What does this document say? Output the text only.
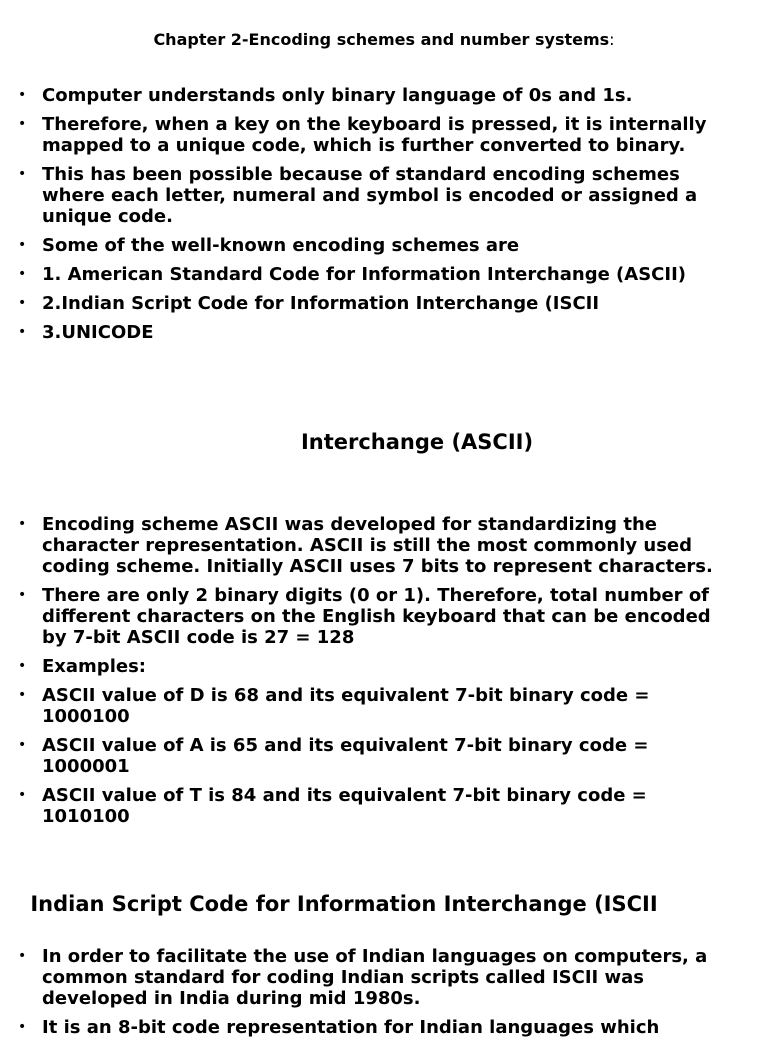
Chapter 2-Encoding schemes and number systems:
• Computer understands only binary language of 0s and 1s.
• Therefore, when a key on the keyboard is pressed, it is internally mapped to a unique code, which is further converted to binary.
• This has been possible because of standard encoding schemes where each letter, numeral and symbol is encoded or assigned a unique code.
• Some of the well-known encoding schemes are
• 1. American Standard Code for Information Interchange (ASCII)
• 2.Indian Script Code for Information Interchange (ISCII
• 3.UNICODE
Interchange (ASCII)
• Encoding scheme ASCII was developed for standardizing the character representation. ASCII is still the most commonly used coding scheme. Initially ASCII uses 7 bits to represent characters.
• There are only 2 binary digits (0 or 1). Therefore, total number of different characters on the English keyboard that can be encoded by 7-bit ASCII code is 27 = 128
• Examples:
• ASCII value of D is 68 and its equivalent 7-bit binary code = 1000100
• ASCII value of A is 65 and its equivalent 7-bit binary code = 1000001
• ASCII value of T is 84 and its equivalent 7-bit binary code = 1010100
Indian Script Code for Information Interchange (ISCII
• In order to facilitate the use of Indian languages on computers, a common standard for coding Indian scripts called ISCII was developed in India during mid 1980s.
• It is an 8-bit code representation for Indian languages which
